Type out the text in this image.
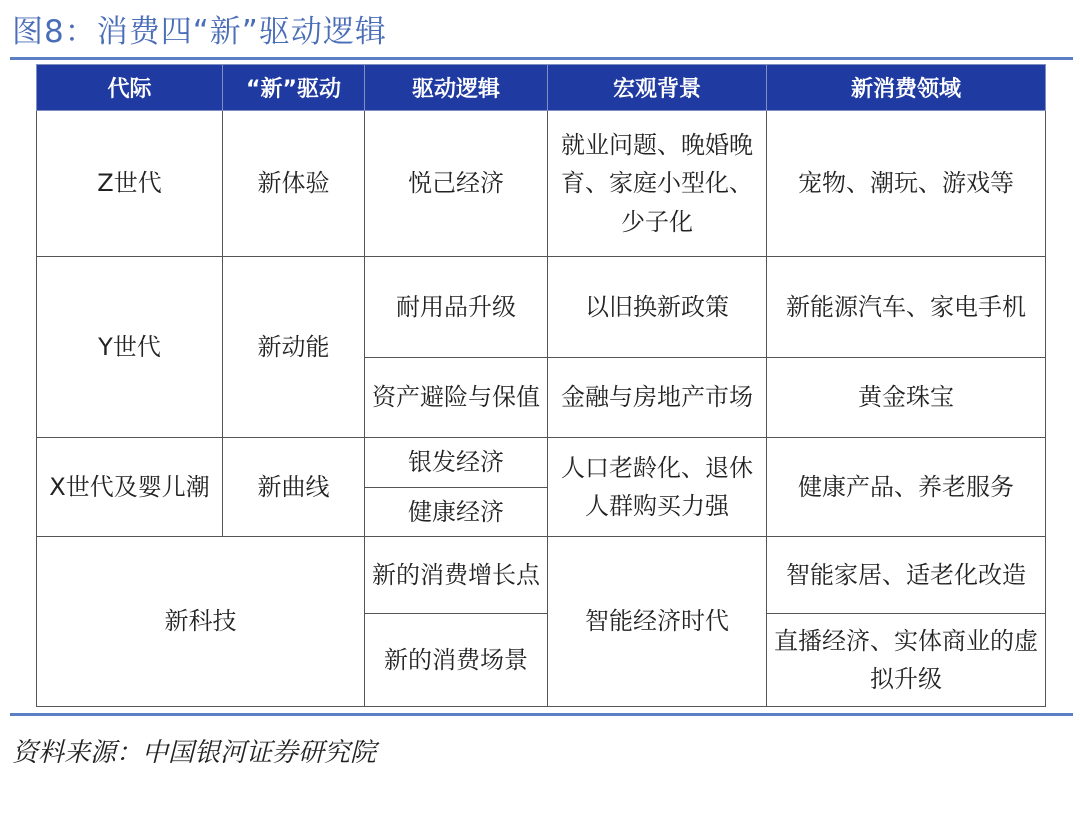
图8：消费四“新”驱动逻辑
代际	“新”驱动	驱动逻辑	宏观背景	新消费领域
Z世代	新体验	悦己经济	就业问题、晚婚晚育、家庭小型化、少子化	宠物、潮玩、游戏等
Y世代	新动能	耐用品升级	以旧换新政策	新能源汽车、家电手机
		资产避险与保值	金融与房地产市场	黄金珠宝
X世代及婴儿潮	新曲线	银发经济	人口老龄化、退休人群购买力强	健康产品、养老服务
		健康经济		
新科技		新的消费增长点	智能经济时代	智能家居、适老化改造
		新的消费场景		直播经济、实体商业的虚拟升级
资料来源：中国银河证券研究院
